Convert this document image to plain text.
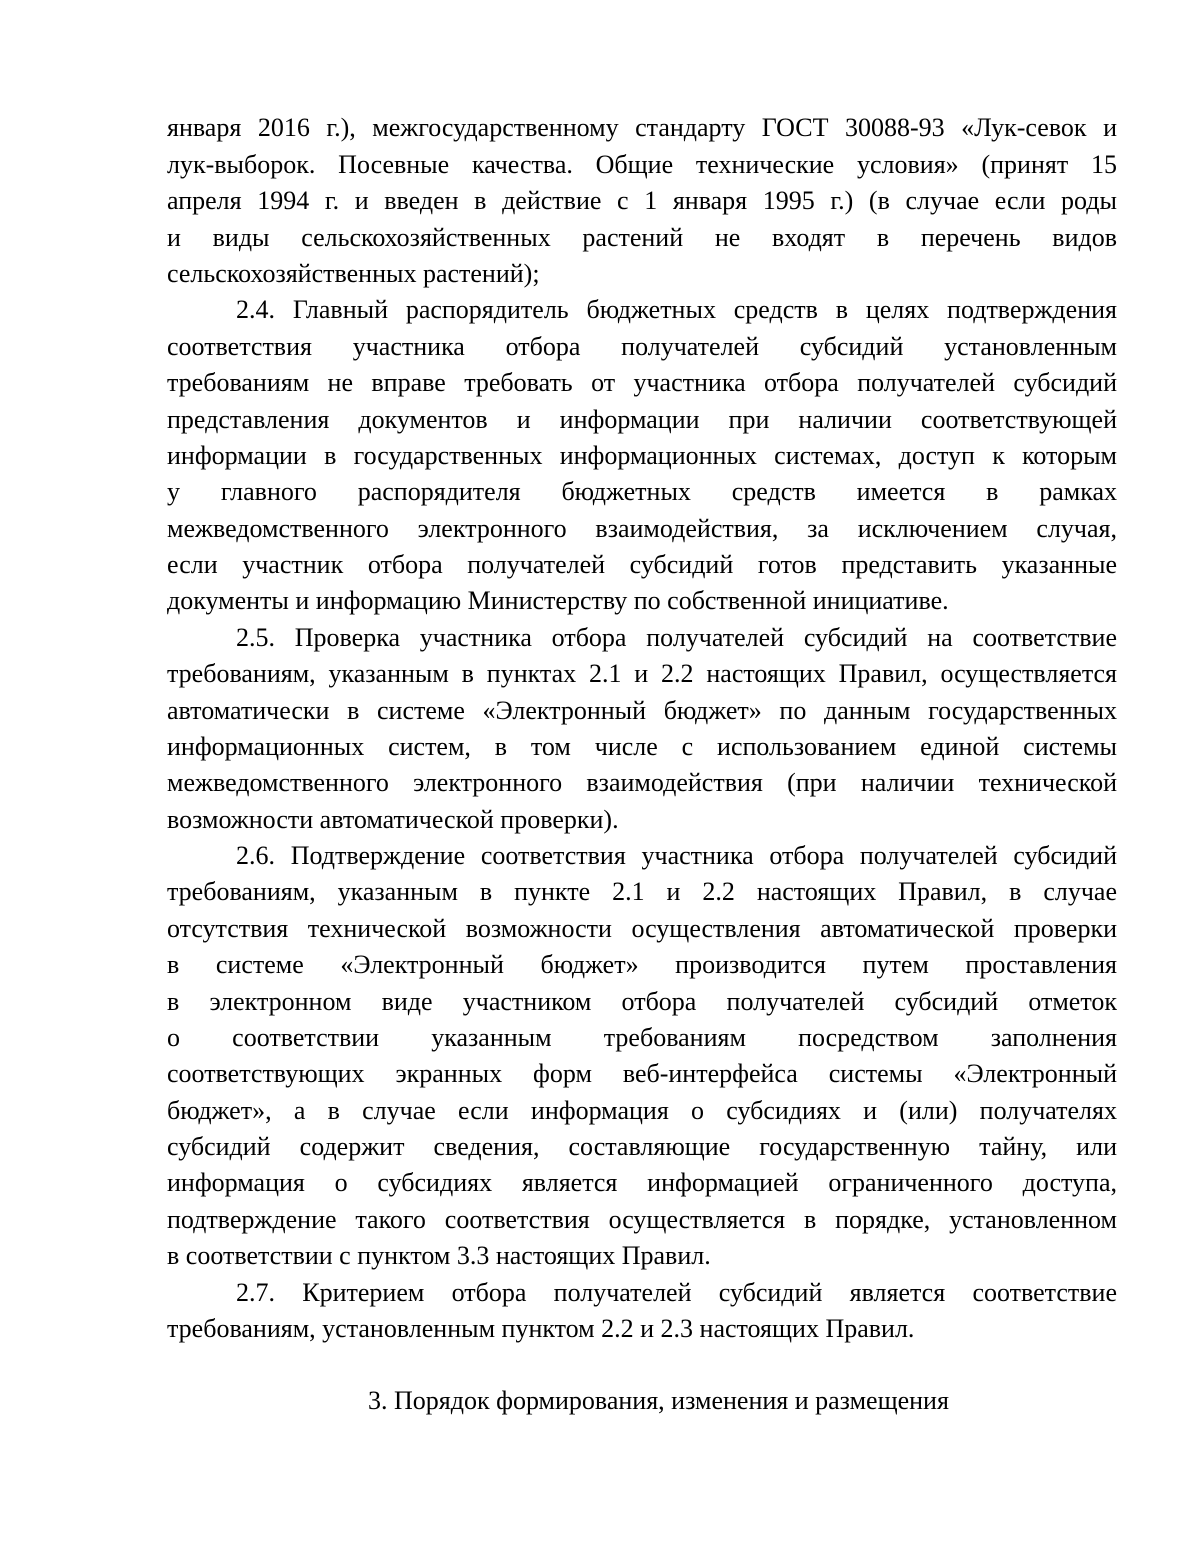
января 2016 г.), межгосударственному стандарту ГОСТ 30088-93 «Лук-севок и
лук-выборок. Посевные качества. Общие технические условия» (принят 15
апреля 1994 г. и введен в действие с 1 января 1995 г.) (в случае если роды
и виды сельскохозяйственных растений не входят в перечень видов
сельскохозяйственных растений);
2.4. Главный распорядитель бюджетных средств в целях подтверждения
соответствия участника отбора получателей субсидий установленным
требованиям не вправе требовать от участника отбора получателей субсидий
представления документов и информации при наличии соответствующей
информации в государственных информационных системах, доступ к которым
у главного распорядителя бюджетных средств имеется в рамках
межведомственного электронного взаимодействия, за исключением случая,
если участник отбора получателей субсидий готов представить указанные
документы и информацию Министерству по собственной инициативе.
2.5. Проверка участника отбора получателей субсидий на соответствие
требованиям, указанным в пунктах 2.1 и 2.2 настоящих Правил, осуществляется
автоматически в системе «Электронный бюджет» по данным государственных
информационных систем, в том числе с использованием единой системы
межведомственного электронного взаимодействия (при наличии технической
возможности автоматической проверки).
2.6. Подтверждение соответствия участника отбора получателей субсидий
требованиям, указанным в пункте 2.1 и 2.2 настоящих Правил, в случае
отсутствия технической возможности осуществления автоматической проверки
в системе «Электронный бюджет» производится путем проставления
в электронном виде участником отбора получателей субсидий отметок
о соответствии указанным требованиям посредством заполнения
соответствующих экранных форм веб-интерфейса системы «Электронный
бюджет», а в случае если информация о субсидиях и (или) получателях
субсидий содержит сведения, составляющие государственную тайну, или
информация о субсидиях является информацией ограниченного доступа,
подтверждение такого соответствия осуществляется в порядке, установленном
в соответствии с пунктом 3.3 настоящих Правил.
2.7. Критерием отбора получателей субсидий является соответствие
требованиям, установленным пунктом 2.2 и 2.3 настоящих Правил.
3. Порядок формирования, изменения и размещения
